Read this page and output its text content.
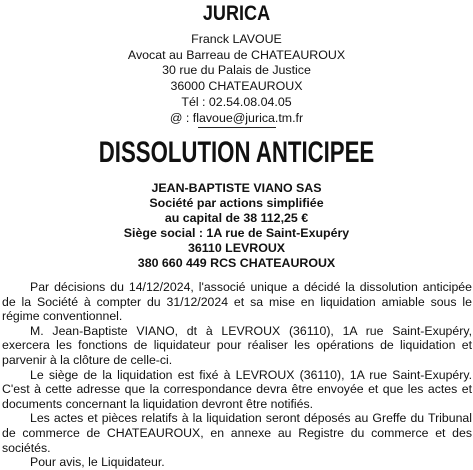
JURICA
Franck LAVOUE
Avocat au Barreau de CHATEAUROUX
30 rue du Palais de Justice
36000 CHATEAUROUX
Tél : 02.54.08.04.05
@ : flavoue@jurica.tm.fr
DISSOLUTION ANTICIPEE
JEAN-BAPTISTE VIANO SAS
Société par actions simplifiée
au capital de 38 112,25 €
Siège social : 1A rue de Saint-Exupéry
36110 LEVROUX
380 660 449 RCS CHATEAUROUX

Par décisions du 14/12/2024, l'associé unique a décidé la dissolution anticipée de la Société à compter du 31/12/2024 et sa mise en liquidation amiable sous le régime conventionnel.

M. Jean-Baptiste VIANO, dt à LEVROUX (36110), 1A rue Saint-Exupéry, exercera les fonctions de liquidateur pour réaliser les opérations de liquidation et parvenir à la clôture de celle-ci.

Le siège de la liquidation est fixé à LEVROUX (36110), 1A rue Saint-Exupéry. C'est à cette adresse que la correspondance devra être envoyée et que les actes et documents concernant la liquidation devront être notifiés.

Les actes et pièces relatifs à la liquidation seront déposés au Greffe du Tribunal de commerce de CHATEAUROUX, en annexe au Registre du commerce et des sociétés.

Pour avis, le Liquidateur.
